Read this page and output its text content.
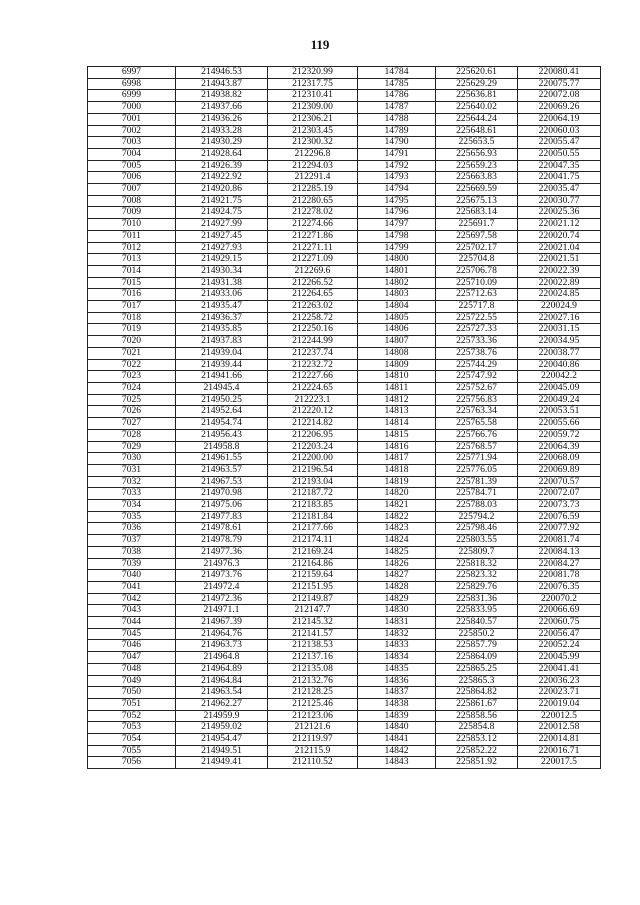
119
6997	214946.53	212320.99	14784	225620.61	220080.41
6998	214943.87	212317.75	14785	225629.29	220075.77
6999	214938.82	212310.41	14786	225636.81	220072.08
7000	214937.66	212309.00	14787	225640.02	220069.26
7001	214936.26	212306.21	14788	225644.24	220064.19
7002	214933.28	212303.45	14789	225648.61	220060.03
7003	214930.29	212300.32	14790	225653.5	220055.47
7004	214928.64	212296.8	14791	225656.93	220050.55
7005	214926.39	212294.03	14792	225659.23	220047.35
7006	214922.92	212291.4	14793	225663.83	220041.75
7007	214920.86	212285.19	14794	225669.59	220035.47
7008	214921.75	212280.65	14795	225675.13	220030.77
7009	214924.75	212278.02	14796	225683.14	220025.36
7010	214927.99	212274.66	14797	225691.7	220021.12
7011	214927.45	212271.86	14798	225697.58	220020.74
7012	214927.93	212271.11	14799	225702.17	220021.04
7013	214929.15	212271.09	14800	225704.8	220021.51
7014	214930.34	212269.6	14801	225706.78	220022.39
7015	214931.38	212266.52	14802	225710.09	220022.89
7016	214933.06	212264.65	14803	225712.63	220024.85
7017	214935.47	212263.02	14804	225717.8	220024.9
7018	214936.37	212258.72	14805	225722.55	220027.16
7019	214935.85	212250.16	14806	225727.33	220031.15
7020	214937.83	212244.99	14807	225733.36	220034.95
7021	214939.04	212237.74	14808	225738.76	220038.77
7022	214939.44	212232.72	14809	225744.29	220040.86
7023	214941.66	212227.66	14810	225747.92	220042.2
7024	214945.4	212224.65	14811	225752.67	220045.09
7025	214950.25	212223.1	14812	225756.83	220049.24
7026	214952.64	212220.12	14813	225763.34	220053.51
7027	214954.74	212214.82	14814	225765.58	220055.66
7028	214956.43	212206.95	14815	225766.76	220059.72
7029	214958.8	212203.24	14816	225768.57	220064.39
7030	214961.55	212200.00	14817	225771.94	220068.09
7031	214963.57	212196.54	14818	225776.05	220069.89
7032	214967.53	212193.04	14819	225781.39	220070.57
7033	214970.98	212187.72	14820	225784.71	220072.07
7034	214975.06	212183.85	14821	225788.03	220073.73
7035	214977.83	212181.84	14822	225794.2	220076.59
7036	214978.61	212177.66	14823	225798.46	220077.92
7037	214978.79	212174.11	14824	225803.55	220081.74
7038	214977.36	212169.24	14825	225809.7	220084.13
7039	214976.3	212164.86	14826	225818.32	220084.27
7040	214973.76	212159.64	14827	225823.32	220081.78
7041	214972.4	212151.95	14828	225829.76	220076.35
7042	214972.36	212149.87	14829	225831.36	220070.2
7043	214971.1	212147.7	14830	225833.95	220066.69
7044	214967.39	212145.32	14831	225840.57	220060.75
7045	214964.76	212141.57	14832	225850.2	220056.47
7046	214963.73	212138.53	14833	225857.79	220052.24
7047	214964.8	212137.16	14834	225864.09	220045.99
7048	214964.89	212135.08	14835	225865.25	220041.41
7049	214964.84	212132.76	14836	225865.3	220036.23
7050	214963.54	212128.25	14837	225864.82	220023.71
7051	214962.27	212125.46	14838	225861.67	220019.04
7052	214959.9	212123.06	14839	225858.56	220012.5
7053	214959.02	212121.6	14840	225854.8	220012.58
7054	214954.47	212119.97	14841	225853.12	220014.81
7055	214949.51	212115.9	14842	225852.22	220016.71
7056	214949.41	212110.52	14843	225851.92	220017.5
